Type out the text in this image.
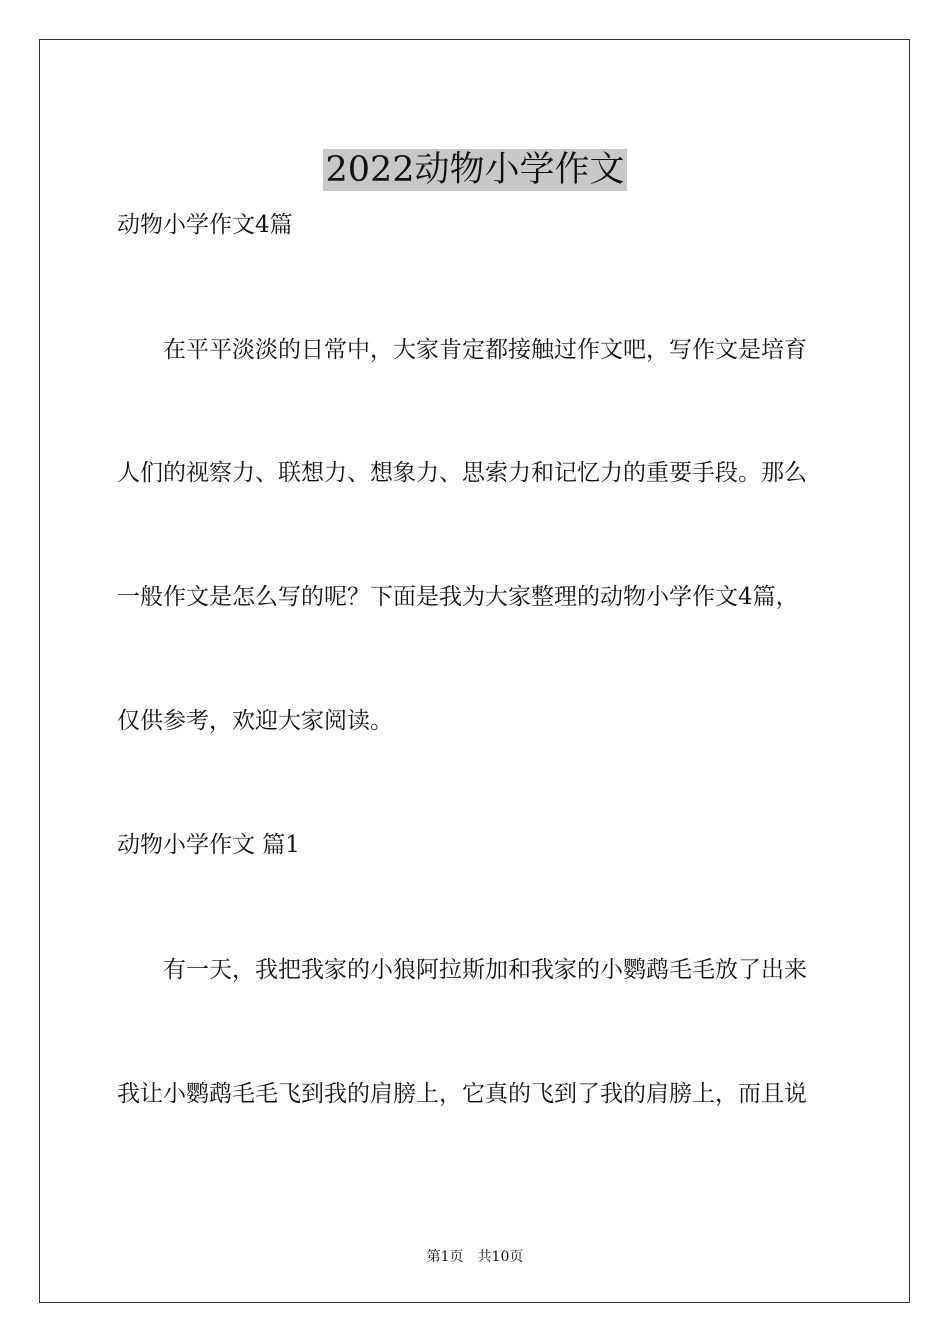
2022动物小学作文
动物小学作文4篇
在平平淡淡的日常中，大家肯定都接触过作文吧，写作文是培育
人们的视察力、联想力、想象力、思索力和记忆力的重要手段。那么
一般作文是怎么写的呢？下面是我为大家整理的动物小学作文4篇，
仅供参考，欢迎大家阅读。
动物小学作文 篇1
有一天，我把我家的小狼阿拉斯加和我家的小鹦鹉毛毛放了出来
我让小鹦鹉毛毛飞到我的肩膀上，它真的飞到了我的肩膀上，而且说
第1页 共10页
